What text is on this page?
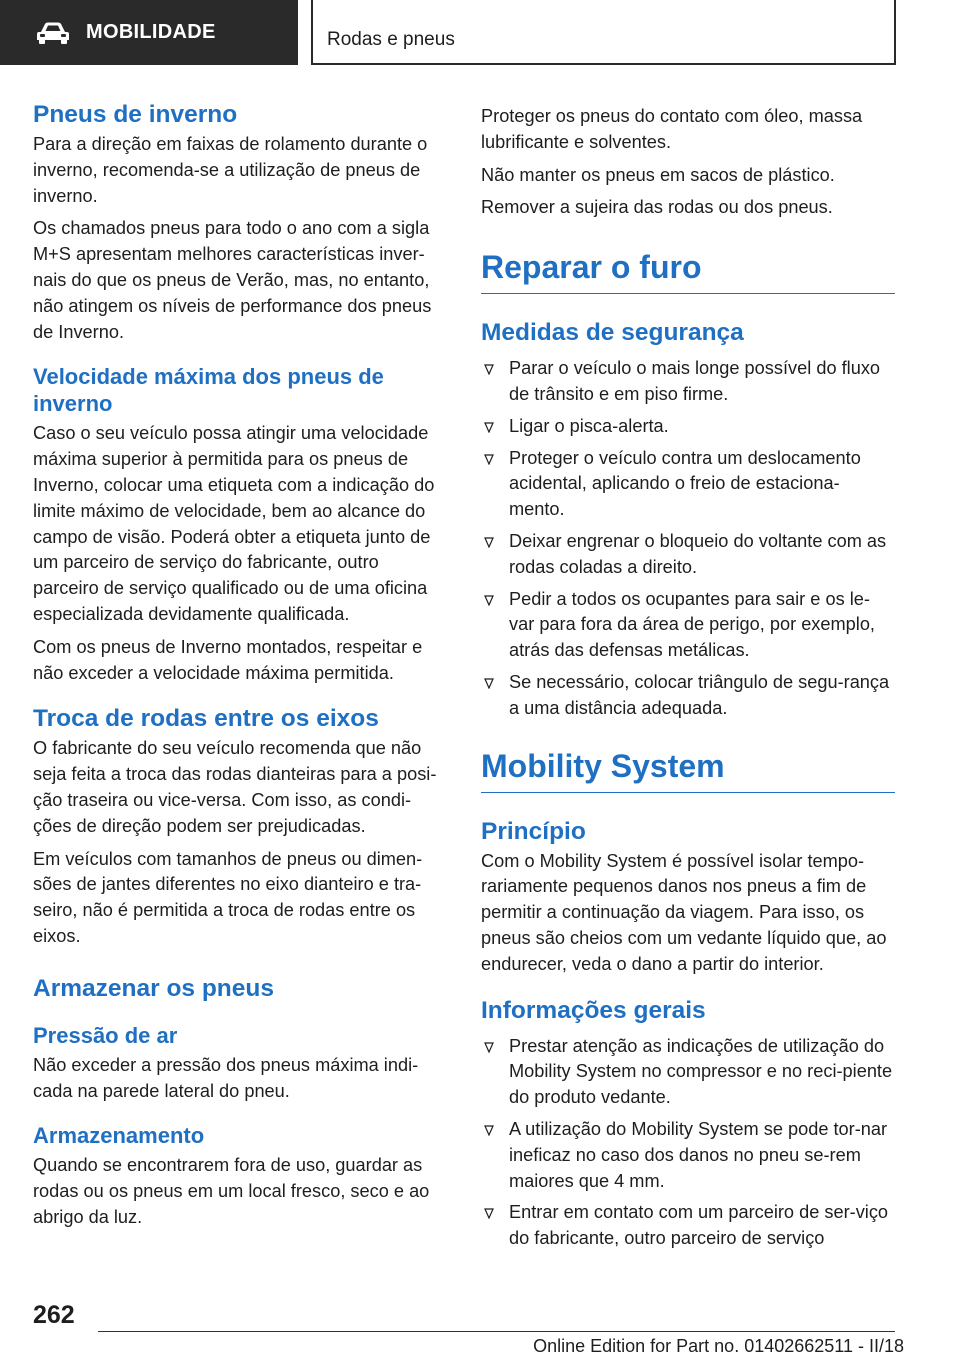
MOBILIDADE	Rodas e pneus
Pneus de inverno

Para a direção em faixas de rolamento durante o inverno, recomenda-se a utilização de pneus de inverno.

Os chamados pneus para todo o ano com a sigla M+S apresentam melhores características inver‐nais do que os pneus de Verão, mas, no entanto, não atingem os níveis de performance dos pneus de Inverno.

Velocidade máxima dos pneus de inverno

Caso o seu veículo possa atingir uma velocidade máxima superior à permitida para os pneus de Inverno, colocar uma etiqueta com a indicação do limite máximo de velocidade, bem ao alcance do campo de visão. Poderá obter a etiqueta junto de um parceiro de serviço do fabricante, outro parceiro de serviço qualificado ou de uma oficina especializada devidamente qualificada.

Com os pneus de Inverno montados, respeitar e não exceder a velocidade máxima permitida.

Troca de rodas entre os eixos

O fabricante do seu veículo recomenda que não seja feita a troca das rodas dianteiras para a posi‐ção traseira ou vice-versa. Com isso, as condi‐ções de direção podem ser prejudicadas.

Em veículos com tamanhos de pneus ou dimen‐sões de jantes diferentes no eixo dianteiro e tra‐seiro, não é permitida a troca de rodas entre os eixos.

Armazenar os pneus
Pressão de ar

Não exceder a pressão dos pneus máxima indi‐cada na parede lateral do pneu.

Armazenamento

Quando se encontrarem fora de uso, guardar as rodas ou os pneus em um local fresco, seco e ao abrigo da luz.

Proteger os pneus do contato com óleo, massa lubrificante e solventes.

Não manter os pneus em sacos de plástico.

Remover a sujeira das rodas ou dos pneus.

Reparar o furo
Medidas de segurança
Parar o veículo o mais longe possível do fluxo de trânsito e em piso firme.
Ligar o pisca-alerta.
Proteger o veículo contra um deslocamento acidental, aplicando o freio de estaciona‐mento.
Deixar engrenar o bloqueio do voltante com as rodas coladas a direito.
Pedir a todos os ocupantes para sair e os le‐var para fora da área de perigo, por exemplo, atrás das defensas metálicas.
Se necessário, colocar triângulo de segu‐rança a uma distância adequada.
Mobility System
Princípio

Com o Mobility System é possível isolar tempo‐rariamente pequenos danos nos pneus a fim de permitir a continuação da viagem. Para isso, os pneus são cheios com um vedante líquido que, ao endurecer, veda o dano a partir do interior.

Informações gerais
Prestar atenção as indicações de utilização do Mobility System no compressor e no reci‐piente do produto vedante.
A utilização do Mobility System se pode tor‐nar ineficaz no caso dos danos no pneu se‐rem maiores que 4 mm.
Entrar em contato com um parceiro de ser‐viço do fabricante, outro parceiro de serviço
262
Online Edition for Part no. 01402662511 - II/18
